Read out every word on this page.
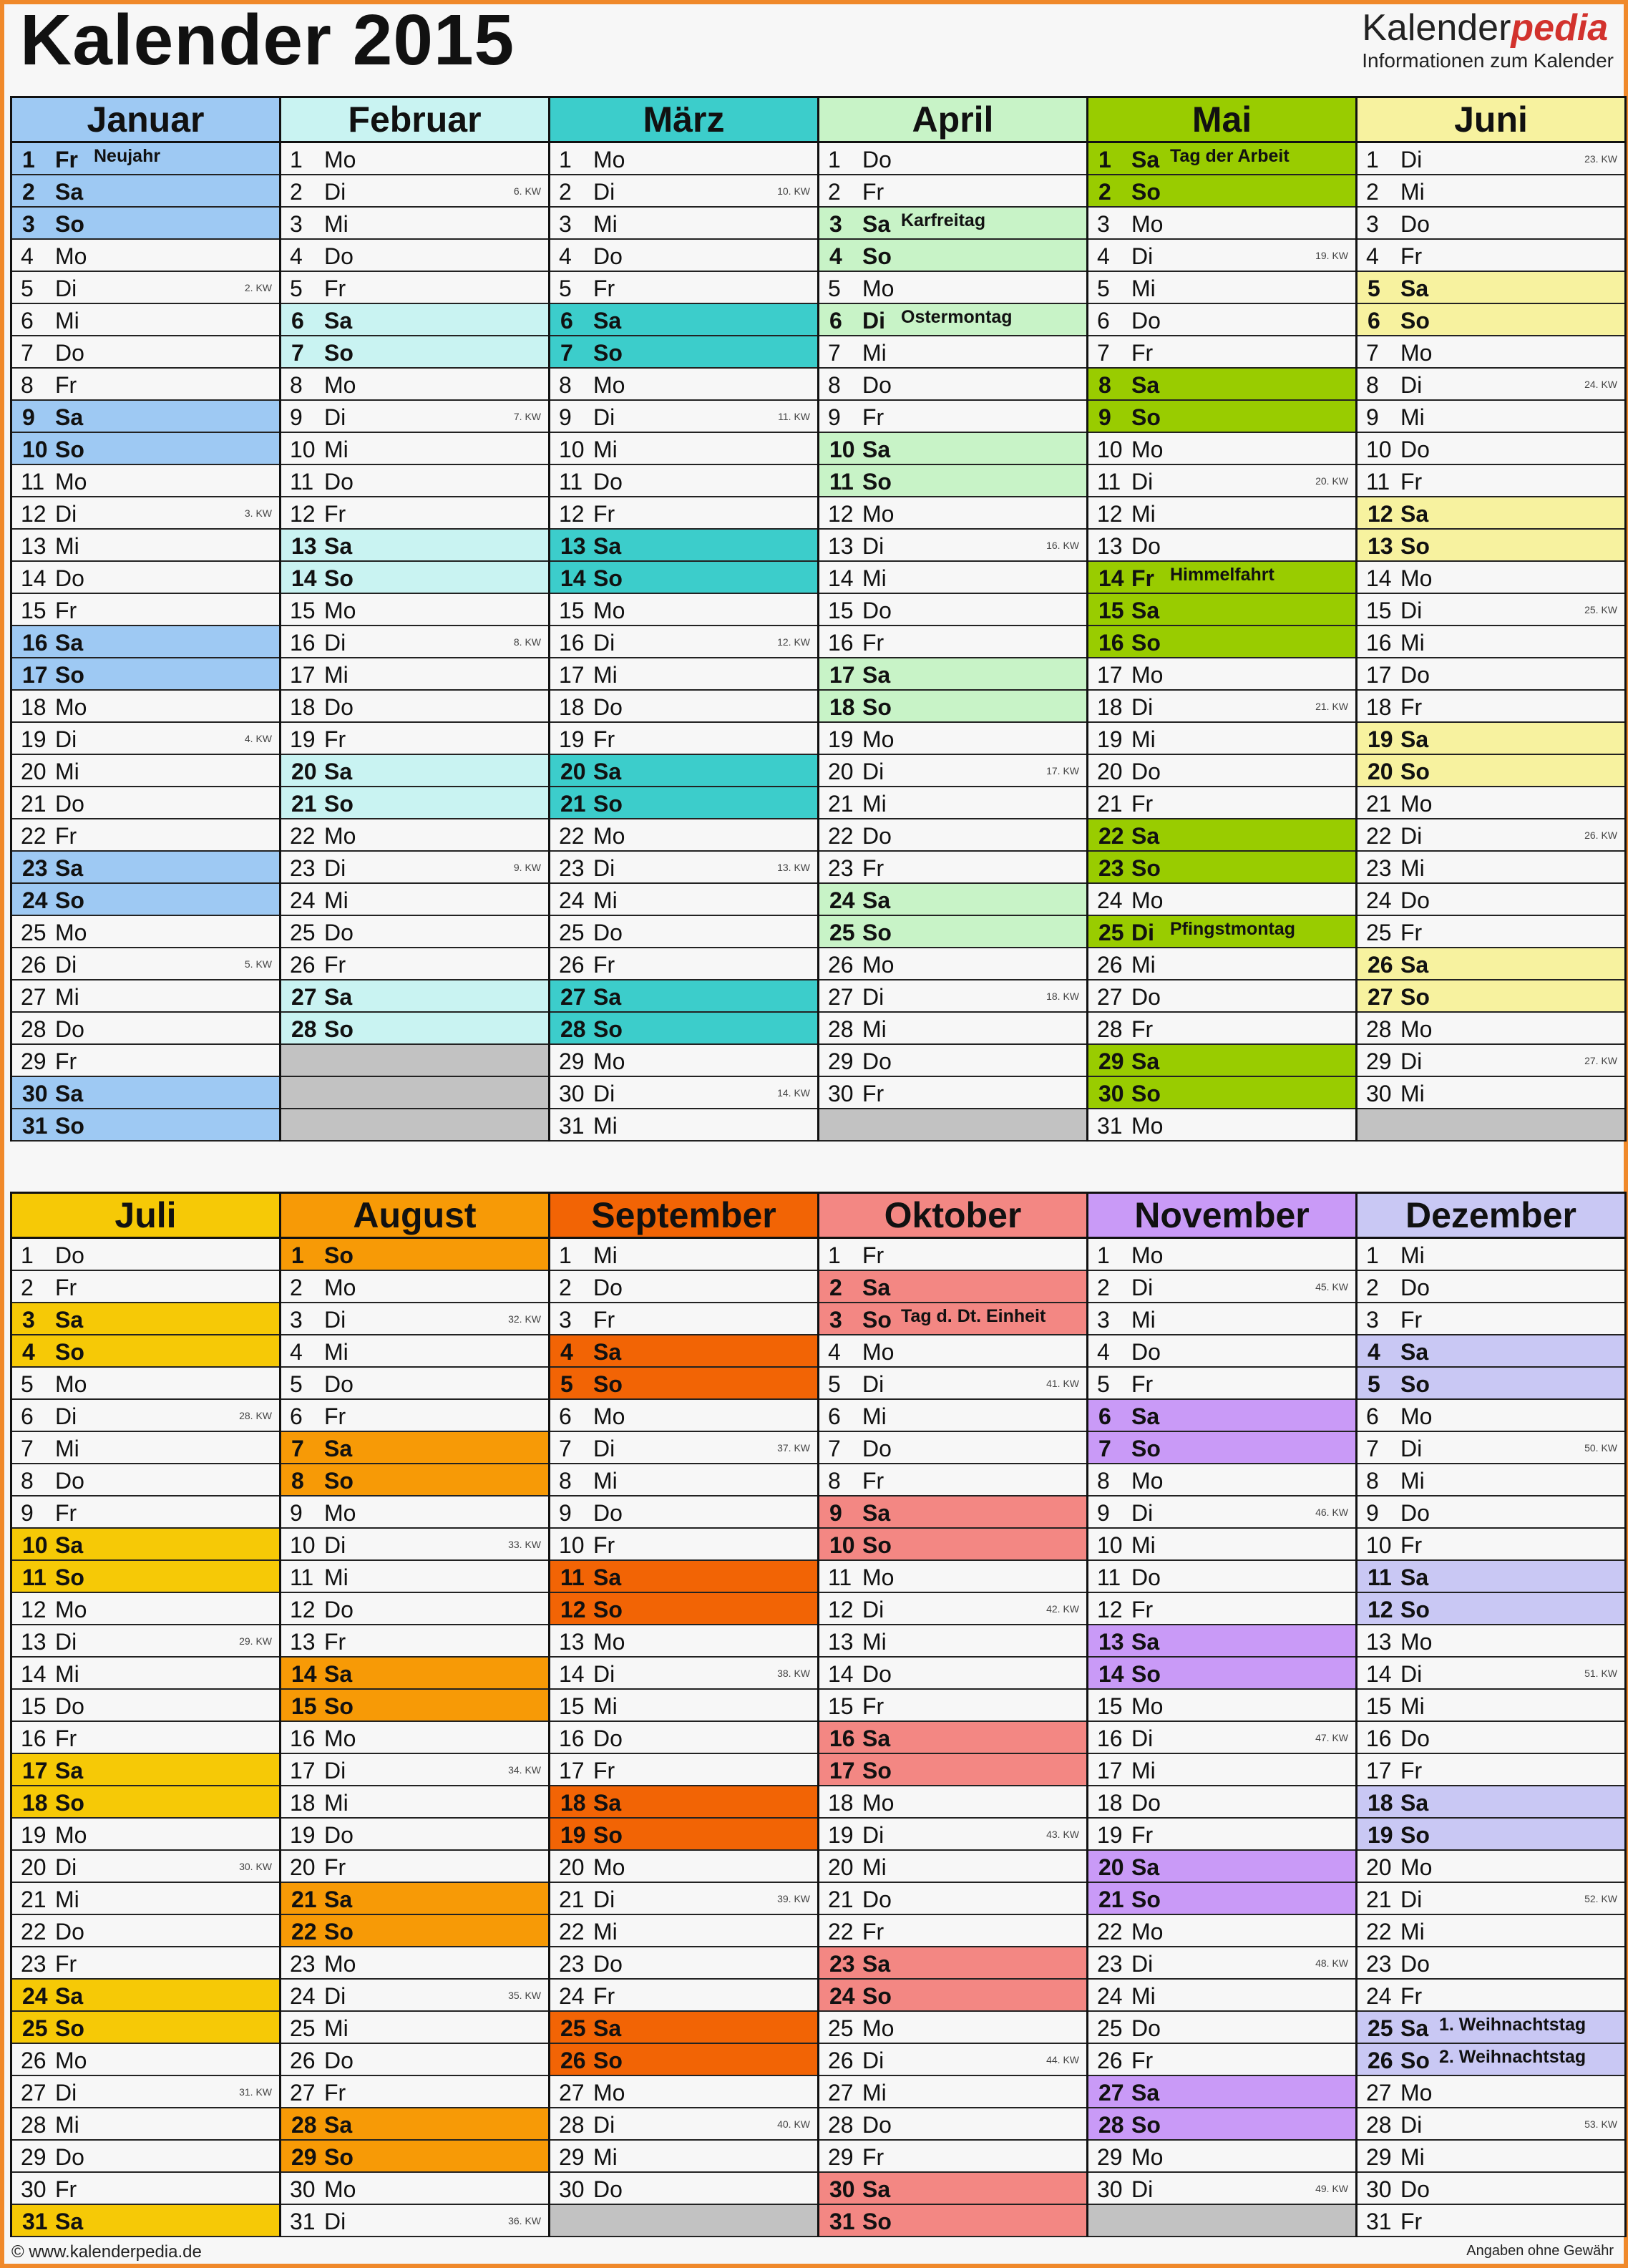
Kalender 2015	Kalenderpedia
Informationen zum Kalender
Januar
1 Fr Neujahr
2 Sa
3 So
4 Mo
5 Di	2. KW
6 Mi
7 Do
8 Fr
9 Sa
10 So
11 Mo
12 Di	3. KW
13 Mi
14 Do
15 Fr
16 Sa
17 So
18 Mo
19 Di	4. KW
20 Mi
21 Do
22 Fr
23 Sa
24 So
25 Mo
26 Di	5. KW
27 Mi
28 Do
29 Fr
30 Sa
31 So
Februar
1 Mo
2 Di	6. KW
3 Mi
4 Do
5 Fr
6 Sa
7 So
8 Mo
9 Di	7. KW
10 Mi
11 Do
12 Fr
13 Sa
14 So
15 Mo
16 Di	8. KW
17 Mi
18 Do
19 Fr
20 Sa
21 So
22 Mo
23 Di	9. KW
24 Mi
25 Do
26 Fr
27 Sa
28 So
März
1 Mo
2 Di	10. KW
3 Mi
4 Do
5 Fr
6 Sa
7 So
8 Mo
9 Di	11. KW
10 Mi
11 Do
12 Fr
13 Sa
14 So
15 Mo
16 Di	12. KW
17 Mi
18 Do
19 Fr
20 Sa
21 So
22 Mo
23 Di	13. KW
24 Mi
25 Do
26 Fr
27 Sa
28 So
29 Mo
30 Di	14. KW
31 Mi
April
1 Do
2 Fr
3 Sa Karfreitag
4 So
5 Mo
6 Di Ostermontag
7 Mi
8 Do
9 Fr
10 Sa
11 So
12 Mo
13 Di	16. KW
14 Mi
15 Do
16 Fr
17 Sa
18 So
19 Mo
20 Di	17. KW
21 Mi
22 Do
23 Fr
24 Sa
25 So
26 Mo
27 Di	18. KW
28 Mi
29 Do
30 Fr
Mai
1 Sa Tag der Arbeit
2 So
3 Mo
4 Di	19. KW
5 Mi
6 Do
7 Fr
8 Sa
9 So
10 Mo
11 Di	20. KW
12 Mi
13 Do
14 Fr Himmelfahrt
15 Sa
16 So
17 Mo
18 Di	21. KW
19 Mi
20 Do
21 Fr
22 Sa
23 So
24 Mo
25 Di Pfingstmontag
26 Mi
27 Do
28 Fr
29 Sa
30 So
31 Mo
Juni
1 Di	23. KW
2 Mi
3 Do
4 Fr
5 Sa
6 So
7 Mo
8 Di	24. KW
9 Mi
10 Do
11 Fr
12 Sa
13 So
14 Mo
15 Di	25. KW
16 Mi
17 Do
18 Fr
19 Sa
20 So
21 Mo
22 Di	26. KW
23 Mi
24 Do
25 Fr
26 Sa
27 So
28 Mo
29 Di	27. KW
30 Mi
Juli
1 Do
2 Fr
3 Sa
4 So
5 Mo
6 Di	28. KW
7 Mi
8 Do
9 Fr
10 Sa
11 So
12 Mo
13 Di	29. KW
14 Mi
15 Do
16 Fr
17 Sa
18 So
19 Mo
20 Di	30. KW
21 Mi
22 Do
23 Fr
24 Sa
25 So
26 Mo
27 Di	31. KW
28 Mi
29 Do
30 Fr
31 Sa
August
1 So
2 Mo
3 Di	32. KW
4 Mi
5 Do
6 Fr
7 Sa
8 So
9 Mo
10 Di	33. KW
11 Mi
12 Do
13 Fr
14 Sa
15 So
16 Mo
17 Di	34. KW
18 Mi
19 Do
20 Fr
21 Sa
22 So
23 Mo
24 Di	35. KW
25 Mi
26 Do
27 Fr
28 Sa
29 So
30 Mo
31 Di	36. KW
September
1 Mi
2 Do
3 Fr
4 Sa
5 So
6 Mo
7 Di	37. KW
8 Mi
9 Do
10 Fr
11 Sa
12 So
13 Mo
14 Di	38. KW
15 Mi
16 Do
17 Fr
18 Sa
19 So
20 Mo
21 Di	39. KW
22 Mi
23 Do
24 Fr
25 Sa
26 So
27 Mo
28 Di	40. KW
29 Mi
30 Do
Oktober
1 Fr
2 Sa
3 So Tag d. Dt. Einheit
4 Mo
5 Di	41. KW
6 Mi
7 Do
8 Fr
9 Sa
10 So
11 Mo
12 Di	42. KW
13 Mi
14 Do
15 Fr
16 Sa
17 So
18 Mo
19 Di	43. KW
20 Mi
21 Do
22 Fr
23 Sa
24 So
25 Mo
26 Di	44. KW
27 Mi
28 Do
29 Fr
30 Sa
31 So
November
1 Mo
2 Di	45. KW
3 Mi
4 Do
5 Fr
6 Sa
7 So
8 Mo
9 Di	46. KW
10 Mi
11 Do
12 Fr
13 Sa
14 So
15 Mo
16 Di	47. KW
17 Mi
18 Do
19 Fr
20 Sa
21 So
22 Mo
23 Di	48. KW
24 Mi
25 Do
26 Fr
27 Sa
28 So
29 Mo
30 Di	49. KW
Dezember
1 Mi
2 Do
3 Fr
4 Sa
5 So
6 Mo
7 Di	50. KW
8 Mi
9 Do
10 Fr
11 Sa
12 So
13 Mo
14 Di	51. KW
15 Mi
16 Do
17 Fr
18 Sa
19 So
20 Mo
21 Di	52. KW
22 Mi
23 Do
24 Fr
25 Sa 1. Weihnachtstag
26 So 2. Weihnachtstag
27 Mo
28 Di	53. KW
29 Mi
30 Do
31 Fr
© www.kalenderpedia.de	Angaben ohne Gewähr
